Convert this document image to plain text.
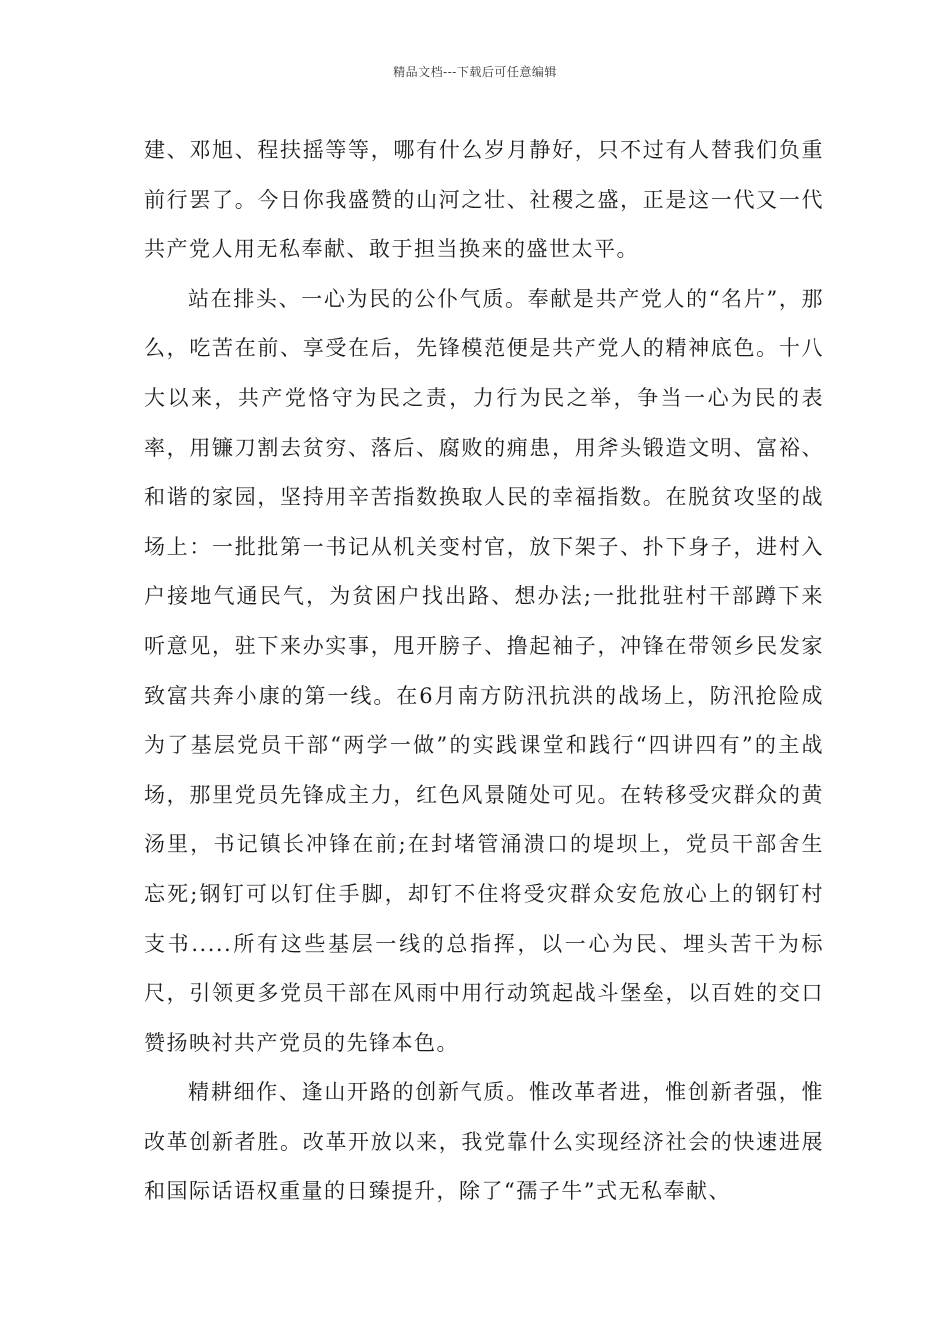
精品文档---下载后可任意编辑

建、邓旭、程扶摇等等，哪有什么岁月静好，只不过有人替我们负重前行罢了。今日你我盛赞的山河之壮、社稷之盛，正是这一代又一代共产党人用无私奉献、敢于担当换来的盛世太平。

站在排头、一心为民的公仆气质。奉献是共产党人的“名片”，那么，吃苦在前、享受在后，先锋模范便是共产党人的精神底色。十八大以来，共产党恪守为民之责，力行为民之举，争当一心为民的表率，用镰刀割去贫穷、落后、腐败的痈患，用斧头锻造文明、富裕、和谐的家园，坚持用辛苦指数换取人民的幸福指数。在脱贫攻坚的战场上：一批批第一书记从机关变村官，放下架子、扑下身子，进村入户接地气通民气，为贫困户找出路、想办法;一批批驻村干部蹲下来听意见，驻下来办实事，甩开膀子、撸起袖子，冲锋在带领乡民发家致富共奔小康的第一线。在6月南方防汛抗洪的战场上，防汛抢险成为了基层党员干部“两学一做”的实践课堂和践行“四讲四有”的主战场，那里党员先锋成主力，红色风景随处可见。在转移受灾群众的黄汤里，书记镇长冲锋在前;在封堵管涌溃口的堤坝上，党员干部舍生忘死;钢钉可以钉住手脚，却钉不住将受灾群众安危放心上的钢钉村支书.....所有这些基层一线的总指挥，以一心为民、埋头苦干为标尺，引领更多党员干部在风雨中用行动筑起战斗堡垒，以百姓的交口赞扬映衬共产党员的先锋本色。

精耕细作、逢山开路的创新气质。惟改革者进，惟创新者强，惟改革创新者胜。改革开放以来，我党靠什么实现经济社会的快速进展和国际话语权重量的日臻提升，除了“孺子牛”式无私奉献、
